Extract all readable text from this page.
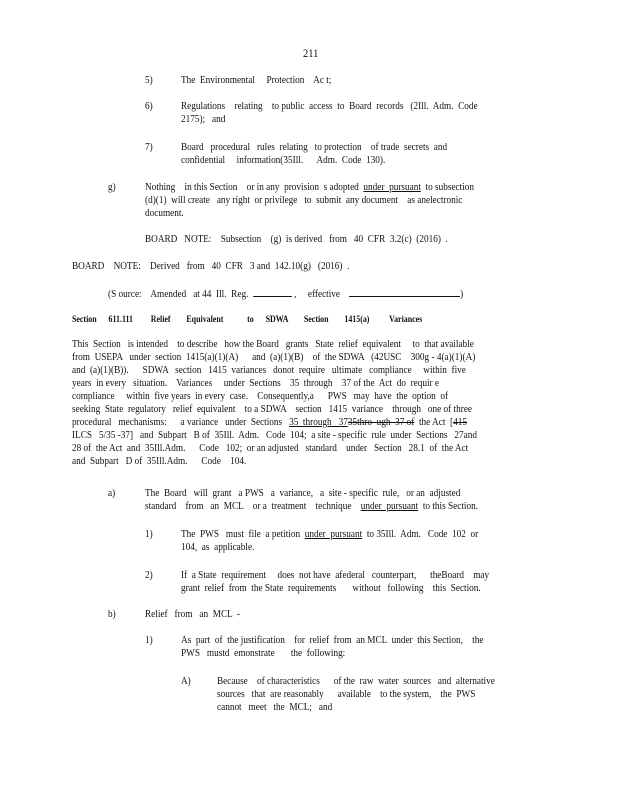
211
5)	The  Environmental     Protection    Ac t;
6)	Regulations    relating    to public  access  to  Board  records   (2Ill.  Adm.  Code
2175);   and
7)	Board   procedural   rules  relating   to protection    of trade  secrets  and
confidential     information(35Ill.      Adm.  Code  130).
g)	Nothing    in this Section    or in any  provision  s adopted  under  pursuant  to subsection
(d)(1)  will create   any right  or privilege   to  submit  any document    as anelectronic
document.
BOARD   NOTE:    Subsection    (g)  is derived   from   40  CFR  3.2(c)  (2016)  .
BOARD    NOTE:    Derived   from   40  CFR   3 and  142.10(g)   (2016)  .
(S ource:    Amended   at 44  Ill.  Reg.	,     effective	)
Section      611.111         Relief        Equivalent            to      SDWA        Section        1415(a)          Variances
This  Section   is intended    to describe   how the Board   grants   State  relief  equivalent     to  that available
from  USEPA   under  section  1415(a)(1)(A)      and  (a)(1)(B)    of  the SDWA   (42USC    300g - 4(a)(1)(A)
and  (a)(1)(B)).      SDWA   section   1415  variances   donot  require   ultimate   compliance     within  five
years  in every   situation.    Variances     under  Sections    35  through    37 of the  Act  do  requir e
compliance     within  five years  in every  case.    Consequently,a      PWS   may  have  the  option  of
seeking  State  regulatory   relief  equivalent    to a SDWA    section   1415  variance    through   one of three
procedural   mechanisms:      a variance   under  Sections   35  through   3735thro  ugh  37 of  the Act  [415
ILCS   5/35 -37]   and  Subpart   B of  35Ill.  Adm.   Code  104;  a site - specific  rule  under  Sections   27and
28 of  the Act  and  35Ill.Adm.      Code   102;  or an adjusted   standard    under   Section   28.1  of  the Act
and  Subpart   D of  35Ill.Adm.      Code    104.
a)	The  Board   will  grant   a PWS   a  variance,   a  site - specific  rule,   or an  adjusted
standard    from   an  MCL    or a  treatment    technique    under  pursuant  to this Section.
1)	The  PWS   must  file  a petition  under  pursuant  to 35Ill.  Adm.   Code  102  or
104,  as  applicable.
2)	If  a State  requirement     does  not have  afederal   counterpart,      theBoard    may
grant  relief  from  the State  requirements       without   following    this  Section.
b)	Relief   from   an  MCL  -
1)	As  part  of  the justification    for  relief  from  an MCL  under  this Section,    the
PWS   mustd  emonstrate       the  following:
A) Because    of characteristics      of the  raw  water  sources   and  alternative
sources   that  are reasonably      available    to the system,    the  PWS
cannot   meet   the  MCL;   and
